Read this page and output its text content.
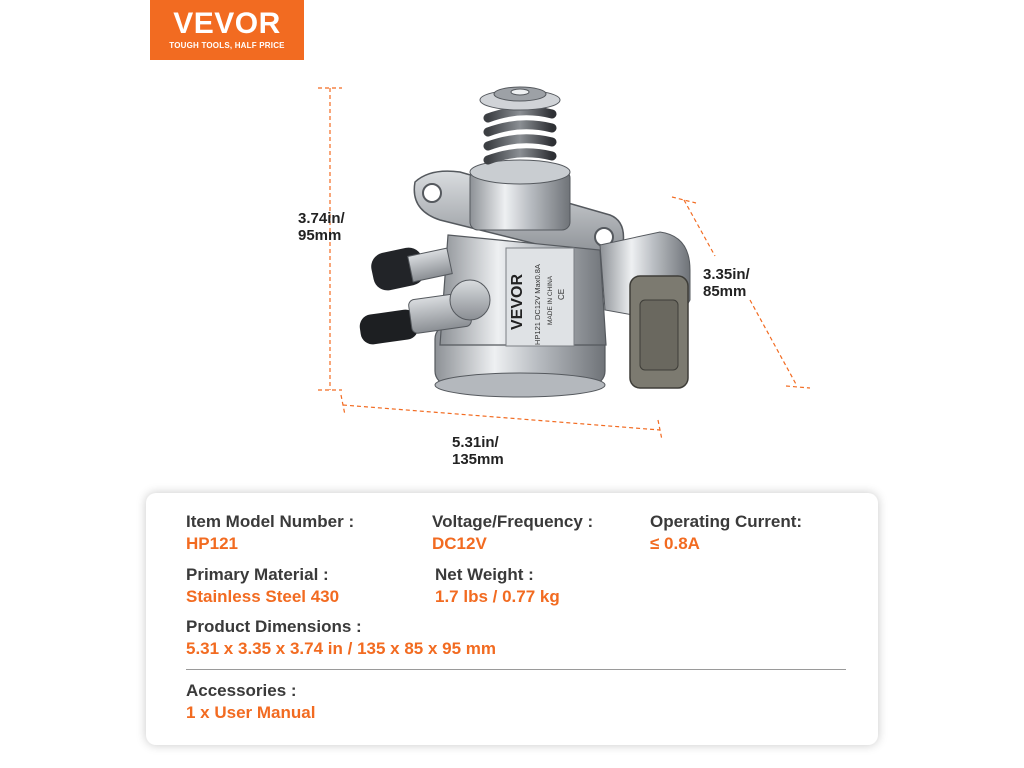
VEVOR
TOUGH TOOLS, HALF PRICE
VEVOR HP121 DC12V Max0.8A MADE IN CHINA CE
3.74in/
95mm
3.35in/
85mm
5.31in/
135mm
Item Model Number :
HP121
Voltage/Frequency :
DC12V
Operating Current:
≤ 0.8A
Primary Material :
Stainless Steel 430
Net Weight :
1.7 lbs / 0.77 kg
Product Dimensions :
5.31 x 3.35 x 3.74 in / 135 x 85 x 95 mm
Accessories :
1 x User Manual
